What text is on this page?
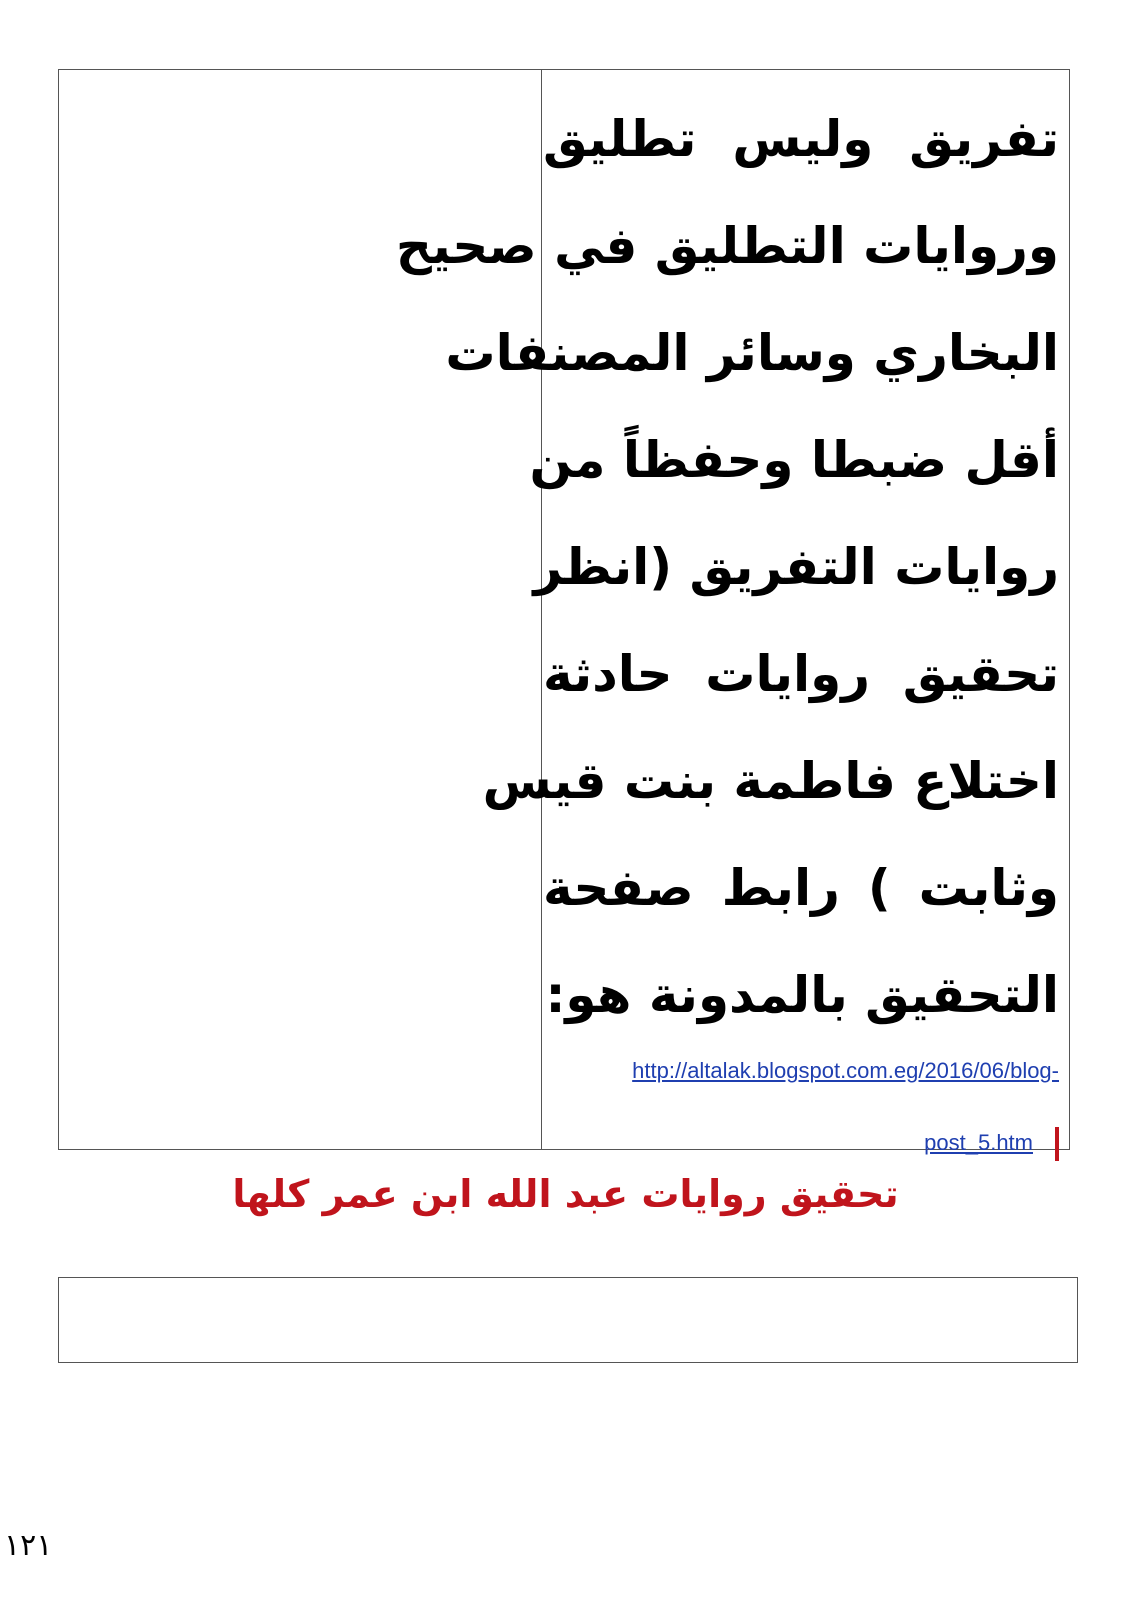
تفريق وليس تطليق
وروايات التطليق في صحيح
البخاري وسائر المصنفات
أقل ضبطا وحفظاً من
روايات التفريق (انظر
تحقيق روايات حادثة
اختلاع فاطمة بنت قيس
وثابت ) رابط صفحة
التحقيق بالمدونة هو:
http://altalak.blogspot.com.eg/2016/06/blog-
post_5.htm
تحقيق روايات عبد الله ابن عمر كلها
١٢١
